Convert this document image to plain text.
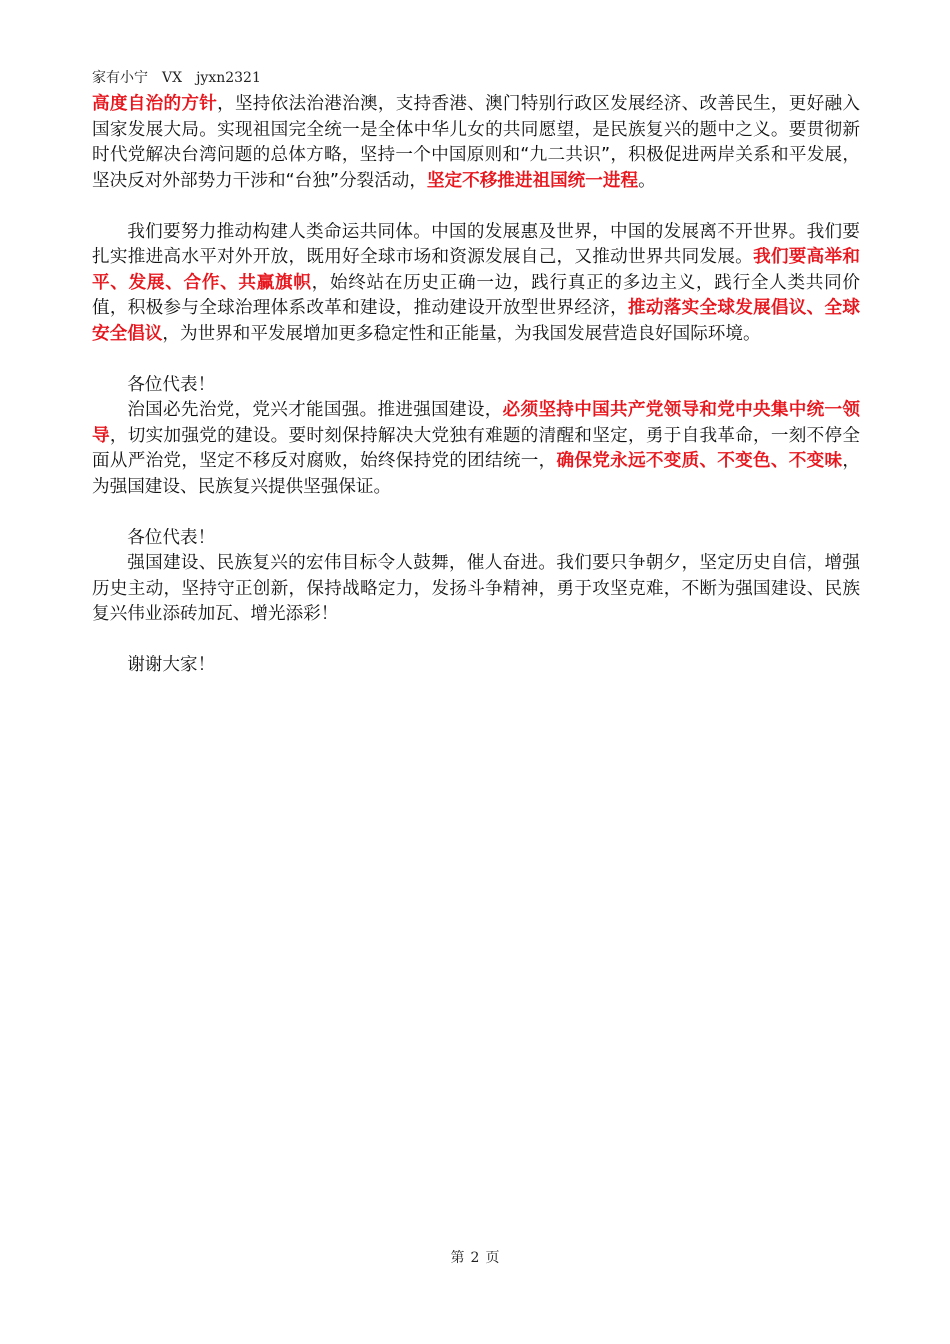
家有小宁 VX jyxn2321

高度自治的方针，坚持依法治港治澳，支持香港、澳门特别行政区发展经济、改善民生，更好融入国家发展大局。实现祖国完全统一是全体中华儿女的共同愿望，是民族复兴的题中之义。要贯彻新时代党解决台湾问题的总体方略，坚持一个中国原则和“九二共识”，积极促进两岸关系和平发展，坚决反对外部势力干涉和“台独”分裂活动，坚定不移推进祖国统一进程。

我们要努力推动构建人类命运共同体。中国的发展惠及世界，中国的发展离不开世界。我们要扎实推进高水平对外开放，既用好全球市场和资源发展自己，又推动世界共同发展。我们要高举和平、发展、合作、共赢旗帜，始终站在历史正确一边，践行真正的多边主义，践行全人类共同价值，积极参与全球治理体系改革和建设，推动建设开放型世界经济，推动落实全球发展倡议、全球安全倡议，为世界和平发展增加更多稳定性和正能量，为我国发展营造良好国际环境。

各位代表！

治国必先治党，党兴才能国强。推进强国建设，必须坚持中国共产党领导和党中央集中统一领导，切实加强党的建设。要时刻保持解决大党独有难题的清醒和坚定，勇于自我革命，一刻不停全面从严治党，坚定不移反对腐败，始终保持党的团结统一，确保党永远不变质、不变色、不变味，为强国建设、民族复兴提供坚强保证。

各位代表！

强国建设、民族复兴的宏伟目标令人鼓舞，催人奋进。我们要只争朝夕，坚定历史自信，增强历史主动，坚持守正创新，保持战略定力，发扬斗争精神，勇于攻坚克难，不断为强国建设、民族复兴伟业添砖加瓦、增光添彩！

谢谢大家！

第 2 页
